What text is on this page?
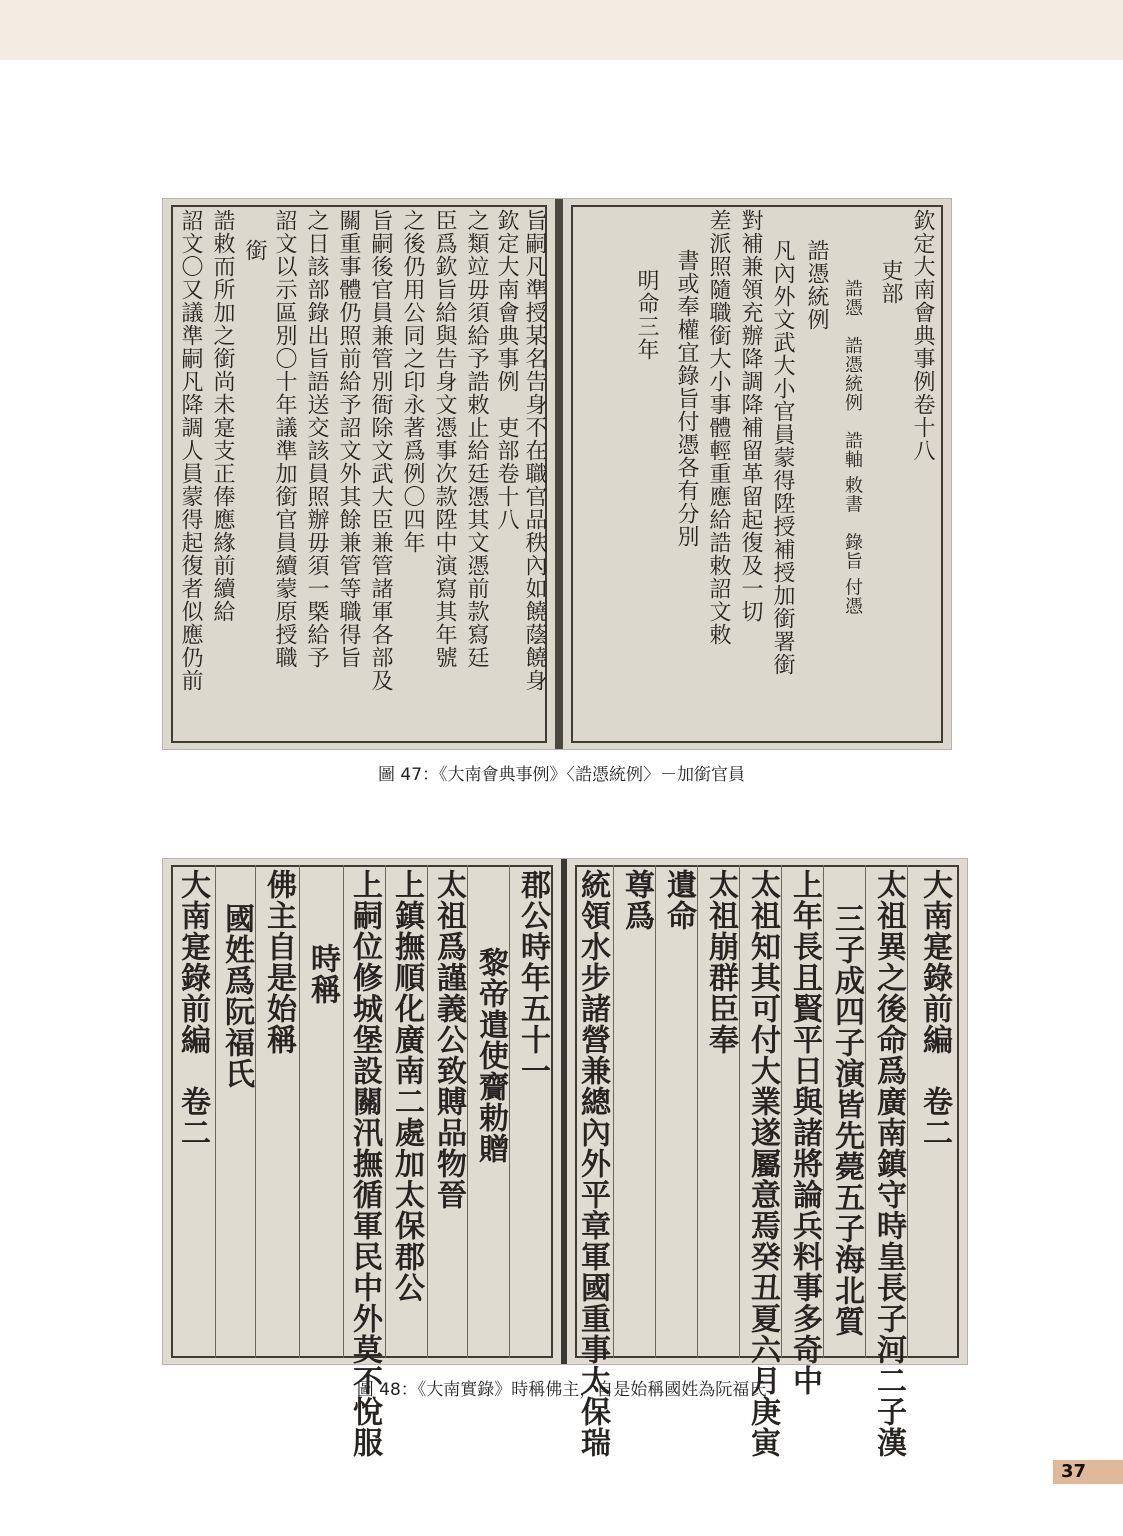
旨嗣凡準授某名告身不在職官品秩內如饒蔭饒身
欽定大南會典事例　吏部卷十八
之類竝毋須給予誥敕止給廷憑其文憑前款寫廷
臣爲欽旨給與告身文憑事次款陞中演寫其年號
之後仍用公同之印永著爲例〇四年
旨嗣後官員兼管別衙除文武大臣兼管諸軍各部及
關重事體仍照前給予詔文外其餘兼管等職得旨
之日該部錄出旨語送交該員照辦毋須一槩給予
詔文以示區別〇十年議準加銜官員續蒙原授職
銜
誥敕而所加之銜尚未寔支正俸應緣前續給
詔文〇又議準嗣凡降調人員蒙得起復者似應仍前	欽定大南會典事例卷十八
吏部
誥憑　誥憑統例　誥軸 敕書　錄旨 付憑
誥憑統例
凡內外文武大小官員蒙得陞授補授加銜署銜
對補兼領充辦降調降補留革留起復及一切
差派照隨職銜大小事體輕重應給誥敕詔文敕
書或奉權宜錄旨付憑各有分別
明命三年
圖 47：《大南會典事例》〈誥憑統例〉－加銜官員
郡公時年五十一
黎帝遣使齎勅贈
太祖爲謹義公致賻品物晉
上鎮撫順化廣南二處加太保郡公
上嗣位修城堡設關汛撫循軍民中外莫不悅服
時稱
佛主自是始稱
國姓爲阮福氏
大南寔錄前編　卷二	大南寔錄前編　卷二
太祖異之後命爲廣南鎮守時皇長子河二子漢
三子成四子演皆先薨五子海北質
上年長且賢平日與諸將論兵料事多奇中
太祖知其可付大業遂屬意焉癸丑夏六月庚寅
太祖崩群臣奉
遺命
尊爲
統領水步諸營兼總內外平章軍國重事太保瑞
圖 48：《大南實錄》時稱佛主，自是始稱國姓為阮福氏
37
